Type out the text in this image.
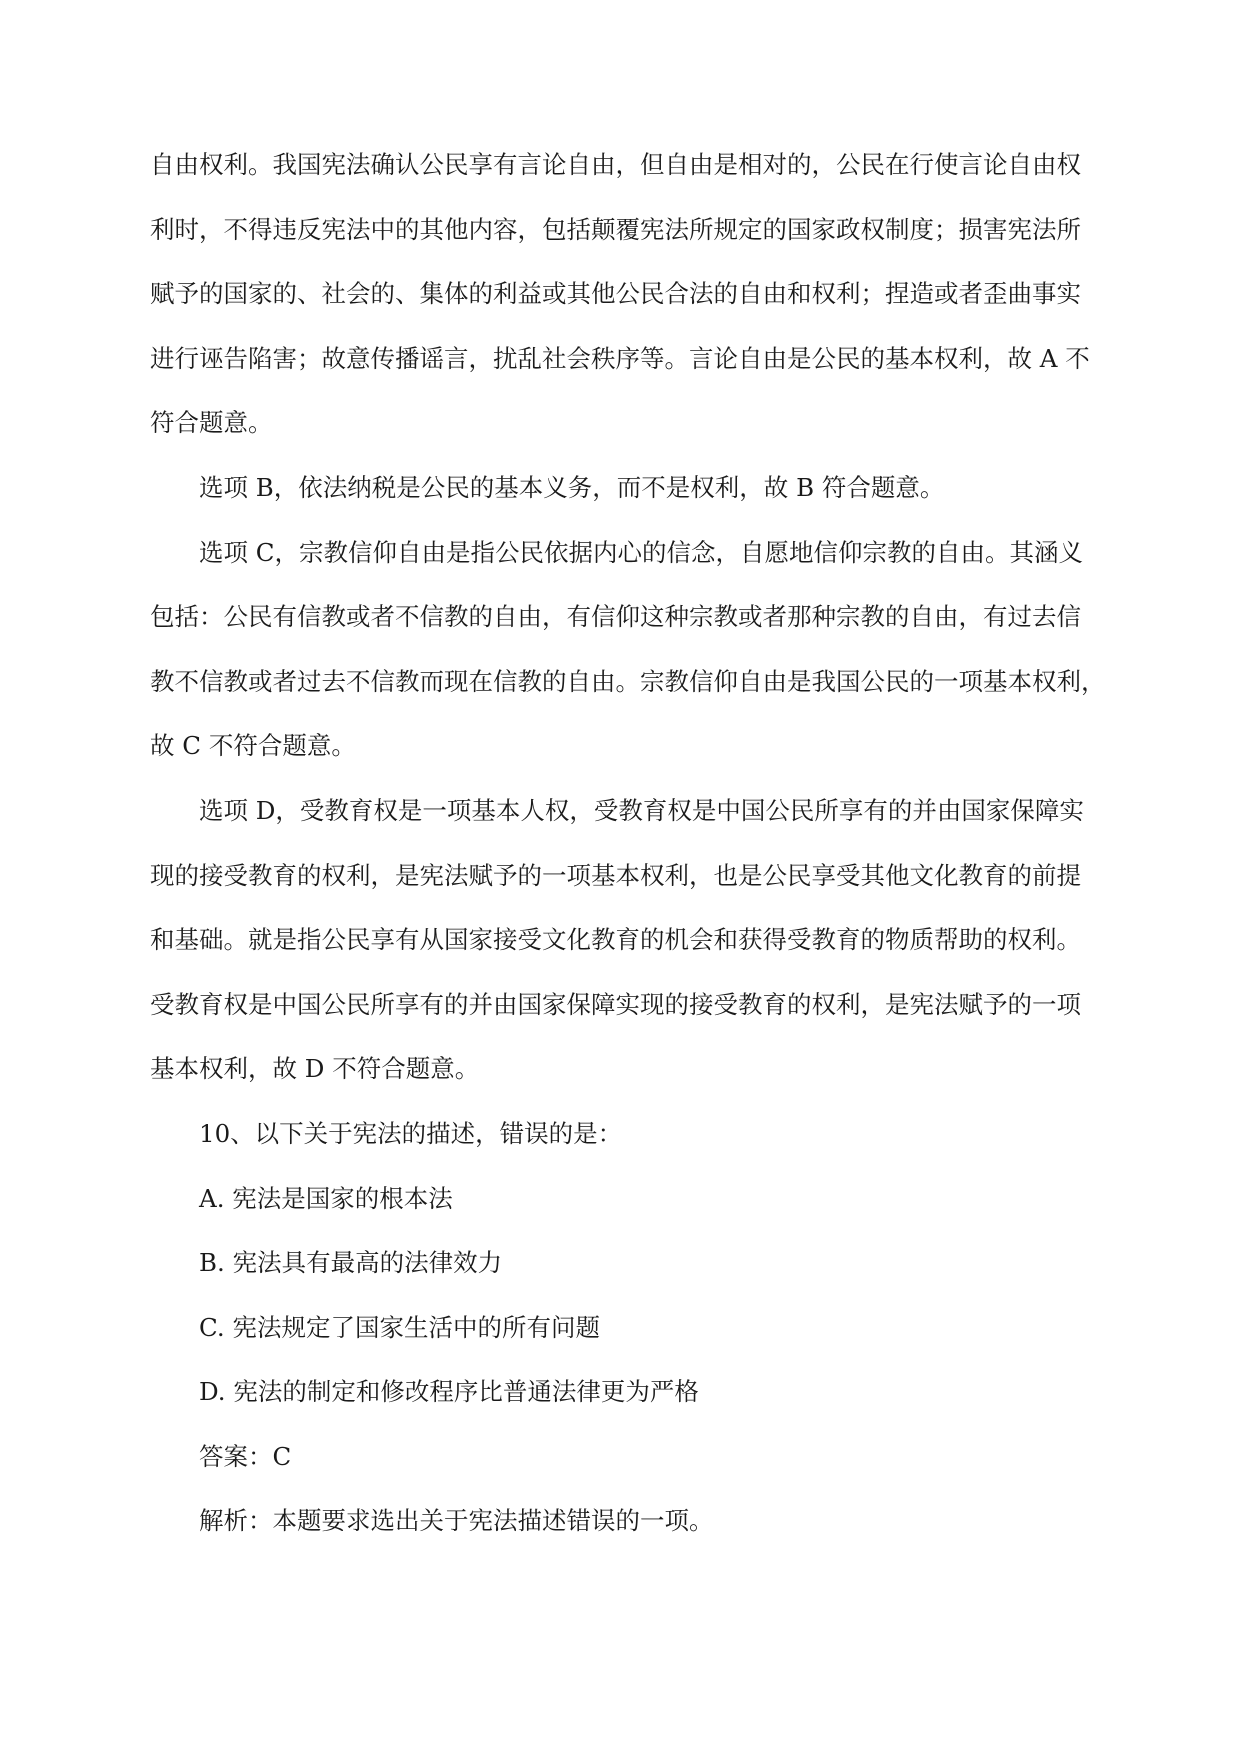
自由权利。我国宪法确认公民享有言论自由，但自由是相对的，公民在行使言论自由权
利时，不得违反宪法中的其他内容，包括颠覆宪法所规定的国家政权制度；损害宪法所
赋予的国家的、社会的、集体的利益或其他公民合法的自由和权利；捏造或者歪曲事实
进行诬告陷害；故意传播谣言，扰乱社会秩序等。言论自由是公民的基本权利，故 A 不
符合题意。
选项 B，依法纳税是公民的基本义务，而不是权利，故 B 符合题意。
选项 C，宗教信仰自由是指公民依据内心的信念，自愿地信仰宗教的自由。其涵义
包括：公民有信教或者不信教的自由，有信仰这种宗教或者那种宗教的自由，有过去信
教不信教或者过去不信教而现在信教的自由。宗教信仰自由是我国公民的一项基本权利，
故 C 不符合题意。
选项 D，受教育权是一项基本人权，受教育权是中国公民所享有的并由国家保障实
现的接受教育的权利，是宪法赋予的一项基本权利，也是公民享受其他文化教育的前提
和基础。就是指公民享有从国家接受文化教育的机会和获得受教育的物质帮助的权利。
受教育权是中国公民所享有的并由国家保障实现的接受教育的权利，是宪法赋予的一项
基本权利，故 D 不符合题意。
10、以下关于宪法的描述，错误的是：
A. 宪法是国家的根本法
B. 宪法具有最高的法律效力
C. 宪法规定了国家生活中的所有问题
D. 宪法的制定和修改程序比普通法律更为严格
答案：C
解析：本题要求选出关于宪法描述错误的一项。
